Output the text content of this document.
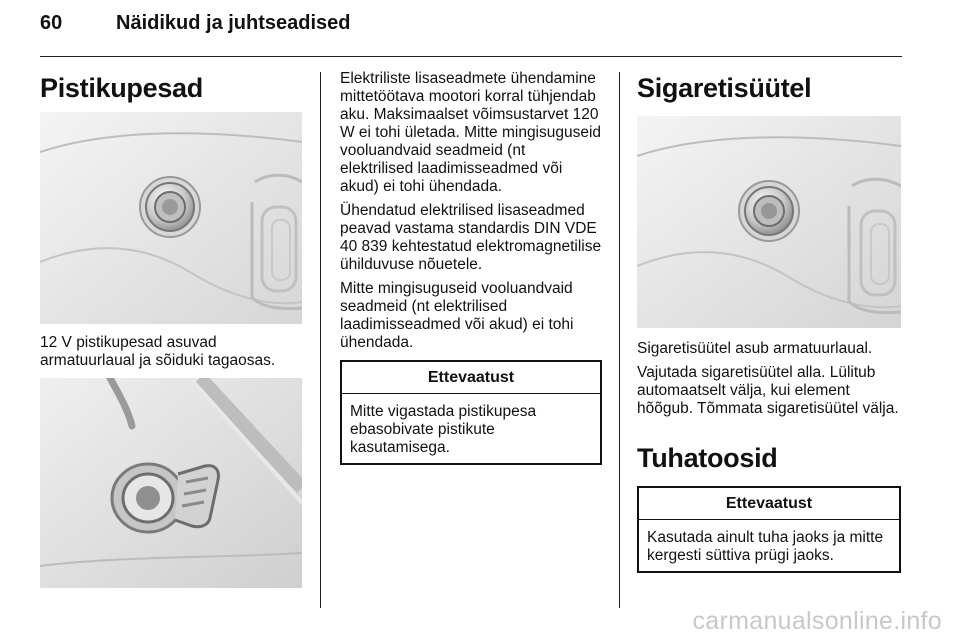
60	Näidikud ja juhtseadised
Pistikupesad

12 V pistikupesad asuvad armatuurlaual ja sõiduki tagaosas.

Elektriliste lisaseadmete ühendamine mittetöötava mootori korral tühjendab aku. Maksimaalset võimsustarvet 120 W ei tohi ületada. Mitte mingisuguseid vooluandvaid seadmeid (nt elektrilised laadimisseadmed või akud) ei tohi ühendada.

Ühendatud elektrilised lisaseadmed peavad vastama standardis DIN VDE 40 839 kehtestatud elektromagnetilise ühilduvuse nõuetele.

Mitte mingisuguseid vooluandvaid seadmeid (nt elektrilised laadimisseadmed või akud) ei tohi ühendada.

Ettevaatust

Mitte vigastada pistikupesa ebasobivate pistikute kasutamisega.

Sigaretisüütel

Sigaretisüütel asub armatuurlaual.

Vajutada sigaretisüütel alla. Lülitub automaatselt välja, kui element hõõgub. Tõmmata sigaretisüütel välja.

Tuhatoosid
Ettevaatust

Kasutada ainult tuha jaoks ja mitte kergesti süttiva prügi jaoks.

carmanualsonline.info
